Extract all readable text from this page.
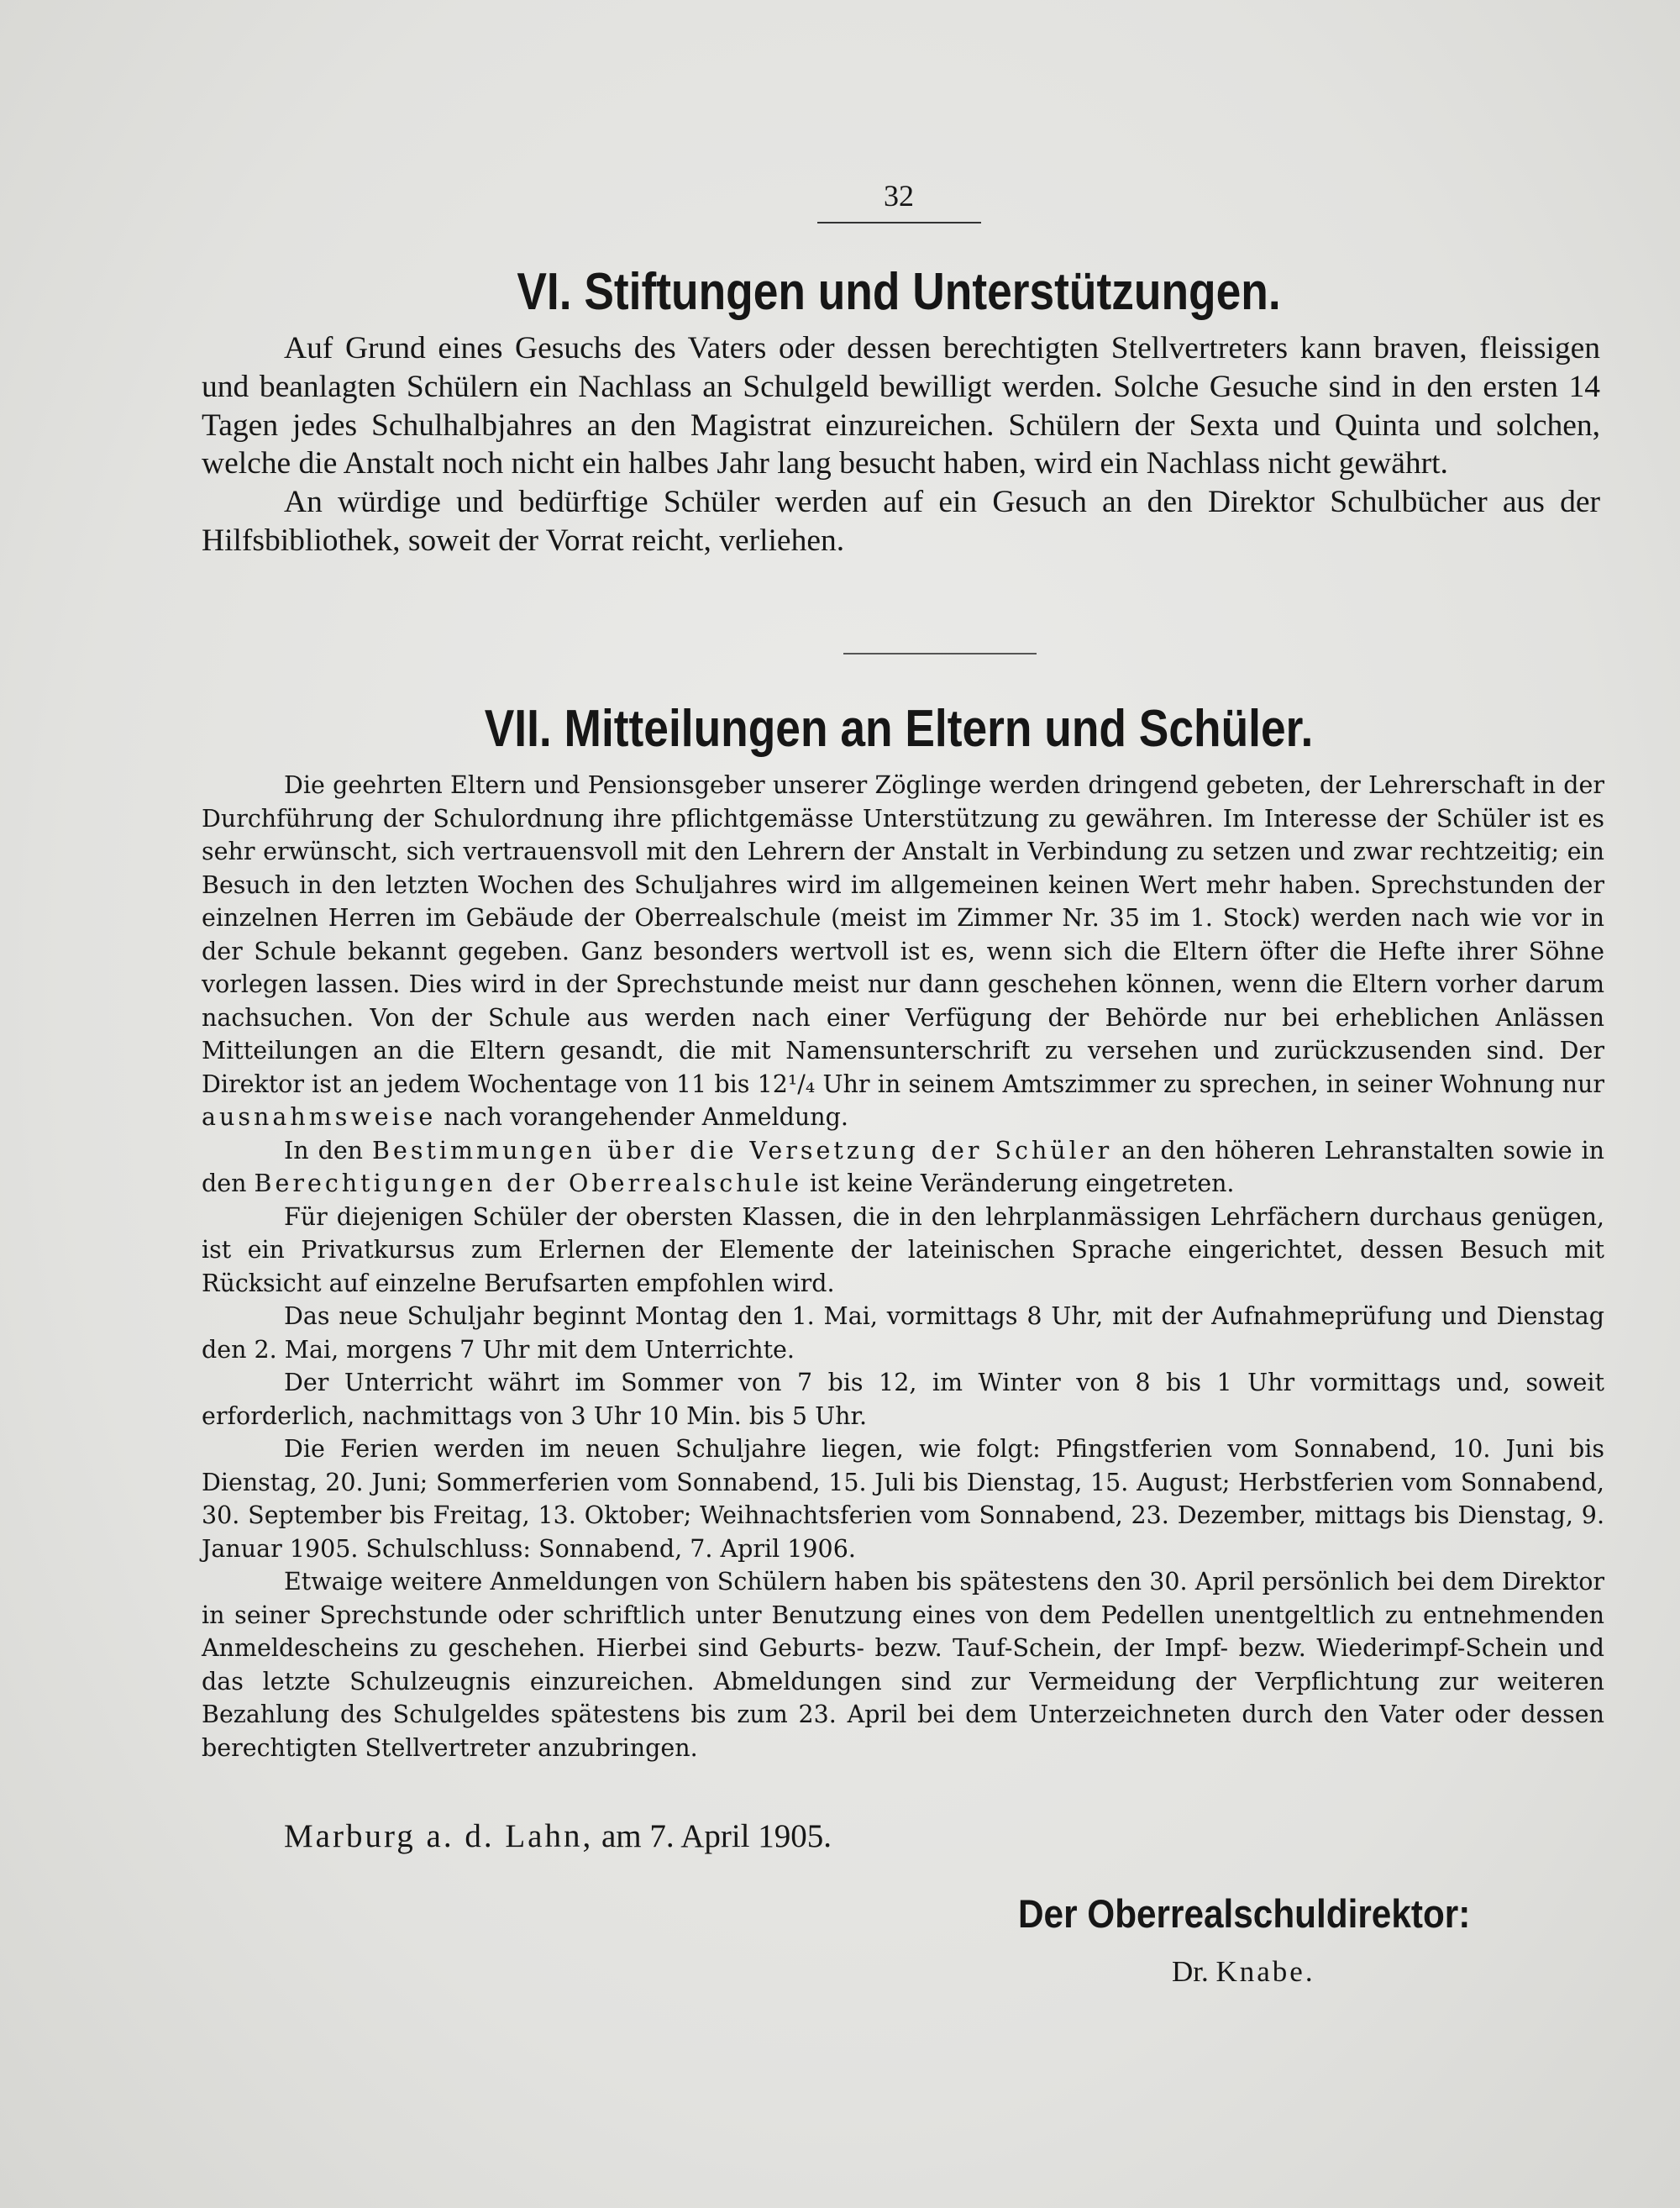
32
VI. Stiftungen und Unterstützungen.

Auf Grund eines Gesuchs des Vaters oder dessen berechtigten Stellvertreters kann braven, fleissigen und beanlagten Schülern ein Nachlass an Schulgeld bewilligt werden. Solche Gesuche sind in den ersten 14 Tagen jedes Schulhalbjahres an den Magistrat einzureichen. Schülern der Sexta und Quinta und solchen, welche die Anstalt noch nicht ein halbes Jahr lang besucht haben, wird ein Nachlass nicht gewährt.

An würdige und bedürftige Schüler werden auf ein Gesuch an den Direktor Schulbücher aus der Hilfsbibliothek, soweit der Vorrat reicht, verliehen.

VII. Mitteilungen an Eltern und Schüler.

Die geehrten Eltern und Pensionsgeber unserer Zöglinge werden dringend gebeten, der Lehrerschaft in der Durchführung der Schulordnung ihre pflichtgemässe Unterstützung zu gewähren. Im Interesse der Schüler ist es sehr erwünscht, sich vertrauensvoll mit den Lehrern der Anstalt in Verbindung zu setzen und zwar rechtzeitig; ein Besuch in den letzten Wochen des Schuljahres wird im allgemeinen keinen Wert mehr haben. Sprechstunden der einzelnen Herren im Gebäude der Oberrealschule (meist im Zimmer Nr. 35 im 1. Stock) werden nach wie vor in der Schule bekannt gegeben. Ganz besonders wertvoll ist es, wenn sich die Eltern öfter die Hefte ihrer Söhne vorlegen lassen. Dies wird in der Sprechstunde meist nur dann geschehen können, wenn die Eltern vorher darum nachsuchen. Von der Schule aus werden nach einer Verfügung der Behörde nur bei erheblichen Anlässen Mitteilungen an die Eltern gesandt, die mit Namensunterschrift zu versehen und zurückzusenden sind. Der Direktor ist an jedem Wochentage von 11 bis 12¹/₄ Uhr in seinem Amtszimmer zu sprechen, in seiner Wohnung nur ausnahmsweise nach vorangehender Anmeldung.

In den Bestimmungen über die Versetzung der Schüler an den höheren Lehranstalten sowie in den Berechtigungen der Oberrealschule ist keine Veränderung eingetreten.

Für diejenigen Schüler der obersten Klassen, die in den lehrplanmässigen Lehrfächern durchaus genügen, ist ein Privatkursus zum Erlernen der Elemente der lateinischen Sprache eingerichtet, dessen Besuch mit Rücksicht auf einzelne Berufsarten empfohlen wird.

Das neue Schuljahr beginnt Montag den 1. Mai, vormittags 8 Uhr, mit der Aufnahmeprüfung und Dienstag den 2. Mai, morgens 7 Uhr mit dem Unterrichte.

Der Unterricht währt im Sommer von 7 bis 12, im Winter von 8 bis 1 Uhr vormittags und, soweit erforderlich, nachmittags von 3 Uhr 10 Min. bis 5 Uhr.

Die Ferien werden im neuen Schuljahre liegen, wie folgt: Pfingstferien vom Sonnabend, 10. Juni bis Dienstag, 20. Juni; Sommerferien vom Sonnabend, 15. Juli bis Dienstag, 15. August; Herbstferien vom Sonnabend, 30. September bis Freitag, 13. Oktober; Weihnachtsferien vom Sonnabend, 23. Dezember, mittags bis Dienstag, 9. Januar 1905. Schulschluss: Sonnabend, 7. April 1906.

Etwaige weitere Anmeldungen von Schülern haben bis spätestens den 30. April persönlich bei dem Direktor in seiner Sprechstunde oder schriftlich unter Benutzung eines von dem Pedellen unentgeltlich zu entnehmenden Anmeldescheins zu geschehen. Hierbei sind Geburts- bezw. Tauf-Schein, der Impf- bezw. Wiederimpf-Schein und das letzte Schulzeugnis einzureichen. Abmeldungen sind zur Vermeidung der Verpflichtung zur weiteren Bezahlung des Schulgeldes spätestens bis zum 23. April bei dem Unterzeichneten durch den Vater oder dessen berechtigten Stellvertreter anzubringen.

Marburg a. d. Lahn, am 7. April 1905.
Der Oberrealschuldirektor:
Dr. Knabe.
